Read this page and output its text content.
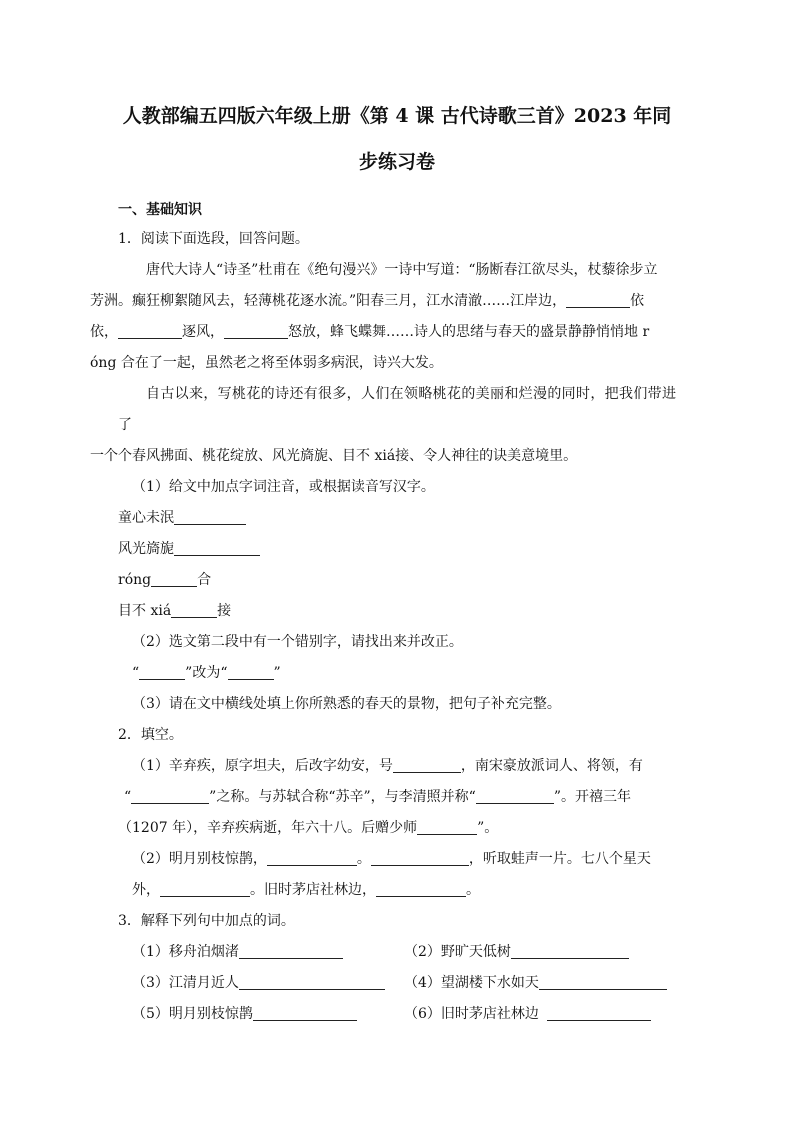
人教部编五四版六年级上册《第 4 课 古代诗歌三首》2023 年同
步练习卷
一、基础知识
1．阅读下面选段，回答问题。
唐代大诗人“诗圣”杜甫在《绝句漫兴》一诗中写道：“肠断春江欲尽头，杖藜徐步立
芳洲。癫狂柳絮随风去，轻薄桃花逐水流。”阳春三月，江水清澈……江岸边，	依
依，	逐风，	怒放，蜂飞蝶舞……诗人的思绪与春天的盛景静静悄悄地 r
óng 合在了一起，虽然老之将至体弱多病泯，诗兴大发。
自古以来，写桃花的诗还有很多，人们在领略桃花的美丽和烂漫的同时，把我们带进了
一个个春风拂面、桃花绽放、风光旖旎、目不 xiá接、令人神往的诀美意境里。
（1）给文中加点字词注音，或根据读音写汉字。
童心未泯
风光旖旎
róng	合
目不 xiá	接
（2）选文第二段中有一个错别字，请找出来并改正。
“	”改为“	”
（3）请在文中横线处填上你所熟悉的春天的景物，把句子补充完整。
2．填空。
（1）辛弃疾，原字坦夫，后改字幼安，号	，南宋豪放派词人、将领，有
“	”之称。与苏轼合称“苏辛”，与李清照并称“	”。开禧三年
（1207 年），辛弃疾病逝，年六十八。后赠少师	”。
（2）明月别枝惊鹊，	。	，听取蛙声一片。七八个星天
外，	。旧时茅店社林边，	。
3．解释下列句中加点的词。
（1）移舟泊烟渚	（2）野旷天低树
（3）江清月近人	（4）望湖楼下水如天
（5）明月别枝惊鹊	（6）旧时茅店社林边
